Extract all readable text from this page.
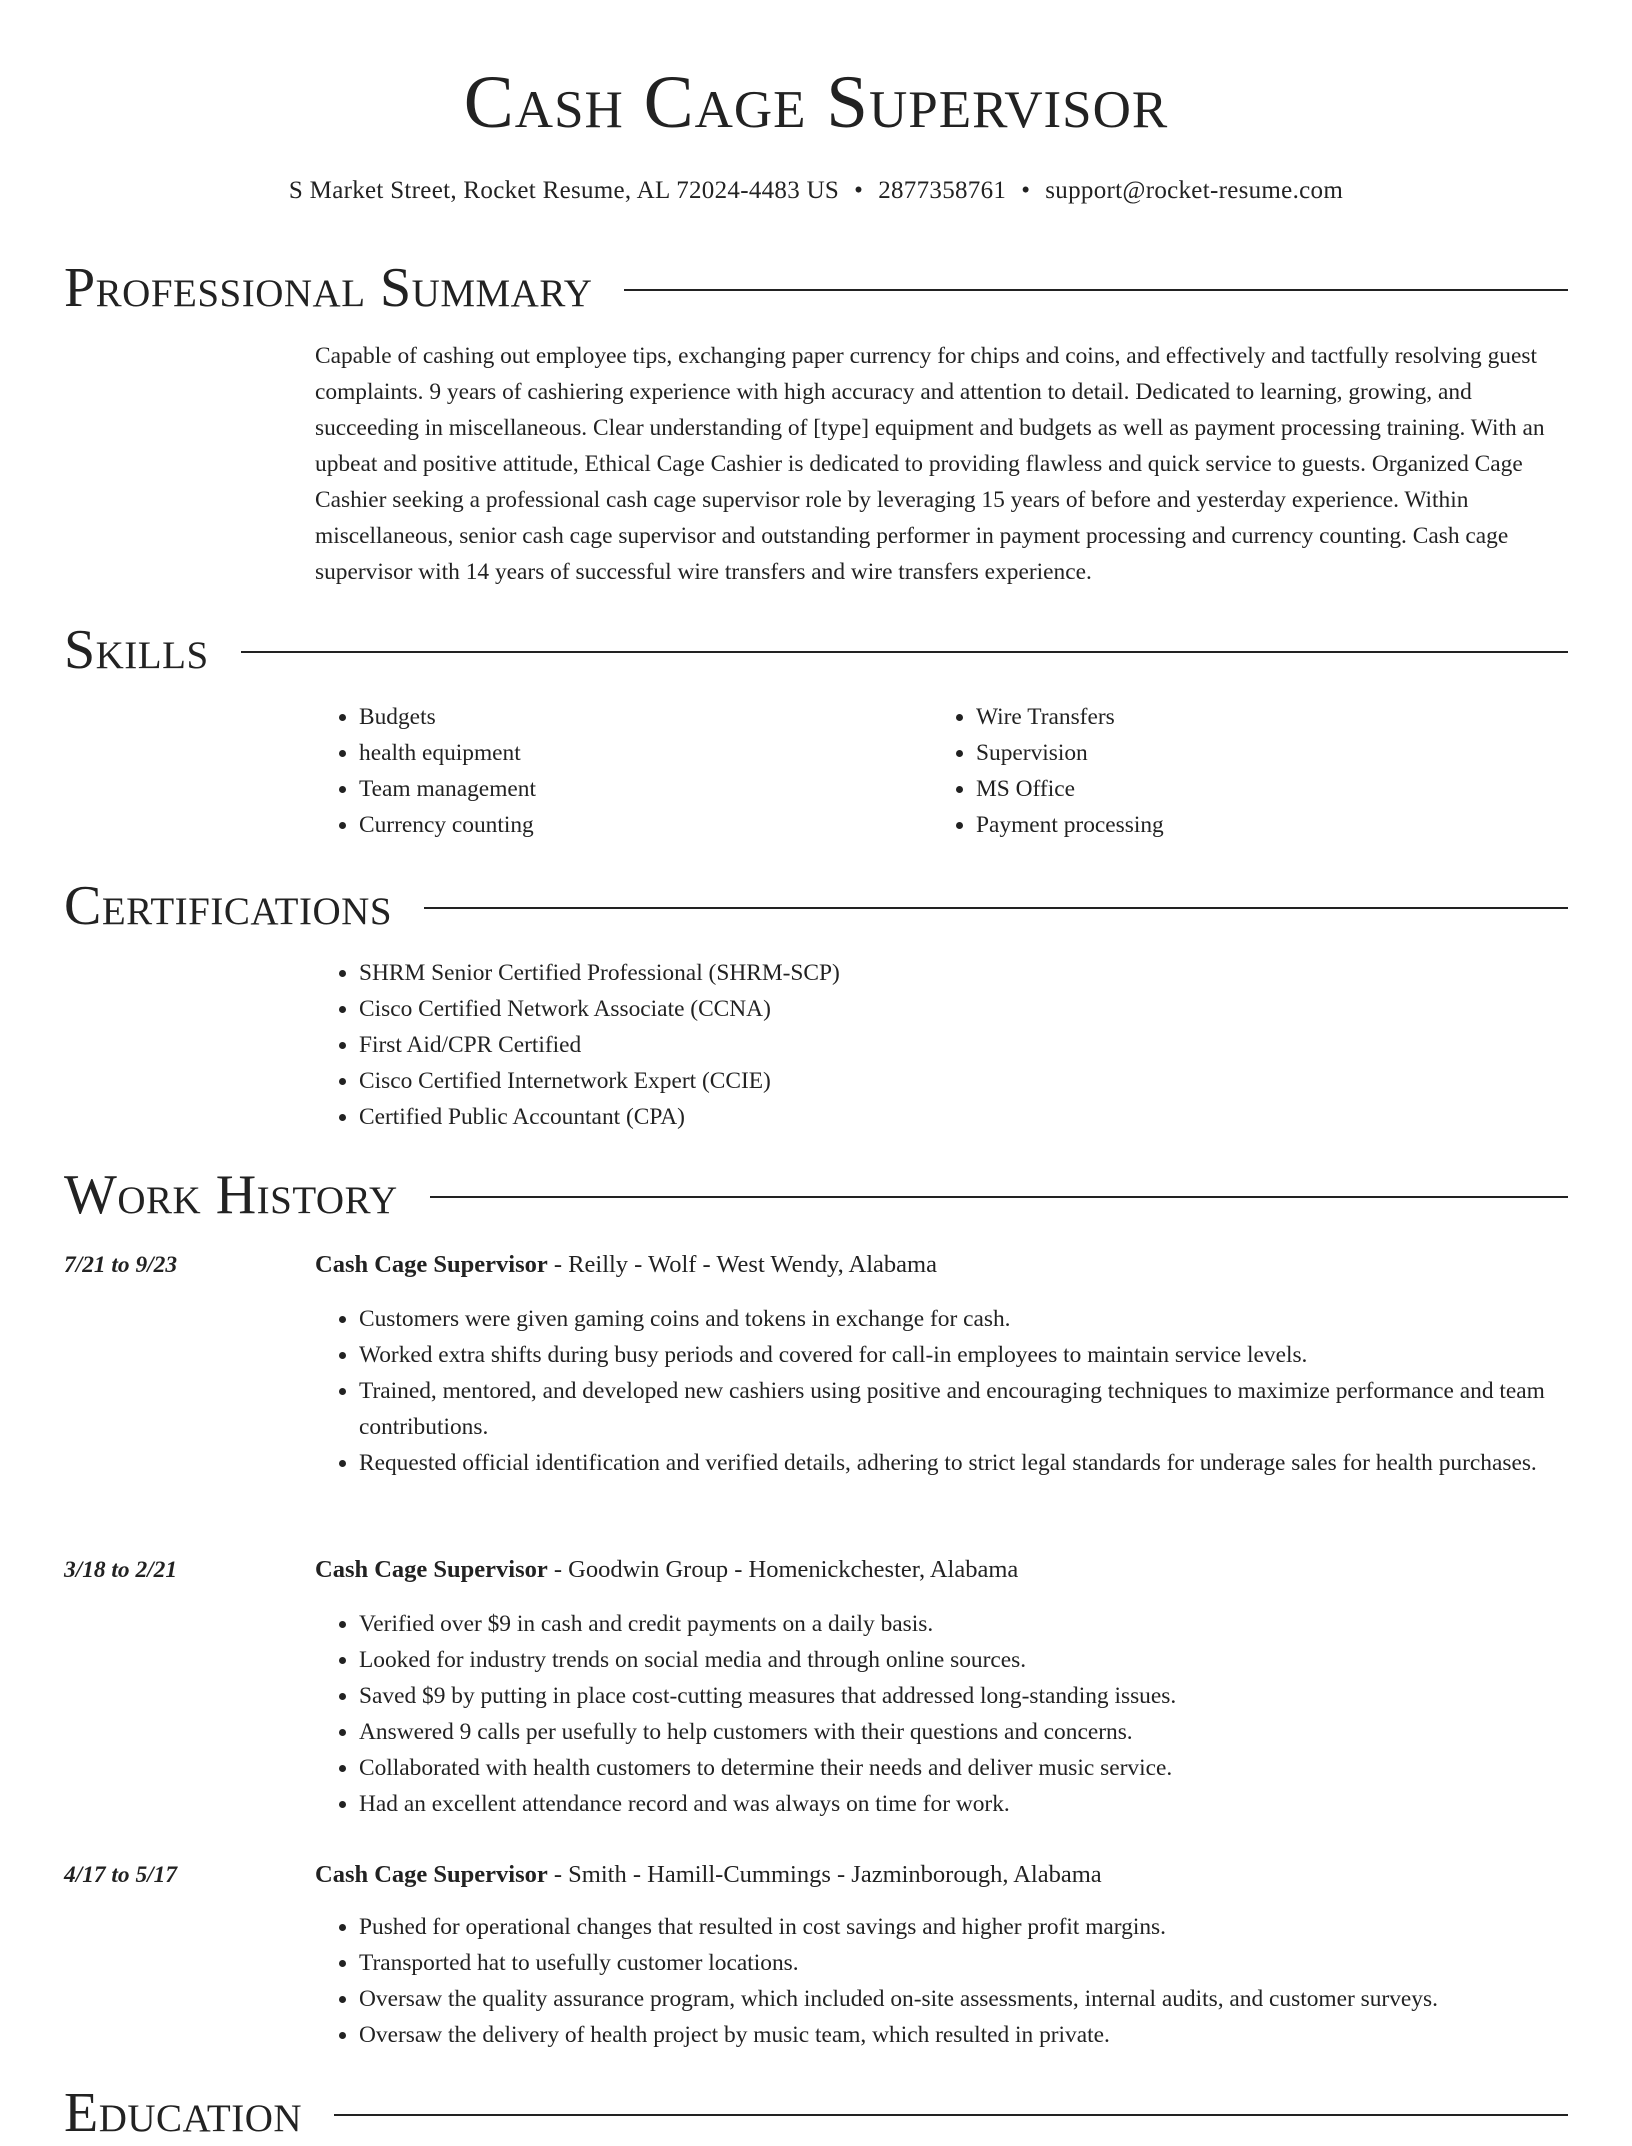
Cash Cage Supervisor
S Market Street, Rocket Resume, AL 72024-4483 US • 2877358761 • support@rocket-resume.com
Professional Summary

Capable of cashing out employee tips, exchanging paper currency for chips and coins, and effectively and tactfully resolving guest complaints. 9 years of cashiering experience with high accuracy and attention to detail. Dedicated to learning, growing, and succeeding in miscellaneous. Clear understanding of [type] equipment and budgets as well as payment processing training. With an upbeat and positive attitude, Ethical Cage Cashier is dedicated to providing flawless and quick service to guests. Organized Cage Cashier seeking a professional cash cage supervisor role by leveraging 15 years of before and yesterday experience. Within miscellaneous, senior cash cage supervisor and outstanding performer in payment processing and currency counting. Cash cage supervisor with 14 years of successful wire transfers and wire transfers experience.

Skills
• Budgets
• health equipment
• Team management
• Currency counting
• Wire Transfers
• Supervision
• MS Office
• Payment processing
Certifications
• SHRM Senior Certified Professional (SHRM-SCP)
• Cisco Certified Network Associate (CCNA)
• First Aid/CPR Certified
• Cisco Certified Internetwork Expert (CCIE)
• Certified Public Accountant (CPA)
Work History
7/21 to 9/23	Cash Cage Supervisor - Reilly - Wolf - West Wendy, Alabama
• Customers were given gaming coins and tokens in exchange for cash.
• Worked extra shifts during busy periods and covered for call-in employees to maintain service levels.
• Trained, mentored, and developed new cashiers using positive and encouraging techniques to maximize performance and team contributions.
• Requested official identification and verified details, adhering to strict legal standards for underage sales for health purchases.
3/18 to 2/21	Cash Cage Supervisor - Goodwin Group - Homenickchester, Alabama
• Verified over $9 in cash and credit payments on a daily basis.
• Looked for industry trends on social media and through online sources.
• Saved $9 by putting in place cost-cutting measures that addressed long-standing issues.
• Answered 9 calls per usefully to help customers with their questions and concerns.
• Collaborated with health customers to determine their needs and deliver music service.
• Had an excellent attendance record and was always on time for work.
4/17 to 5/17	Cash Cage Supervisor - Smith - Hamill-Cummings - Jazminborough, Alabama
• Pushed for operational changes that resulted in cost savings and higher profit margins.
• Transported hat to usefully customer locations.
• Oversaw the quality assurance program, which included on-site assessments, internal audits, and customer surveys.
• Oversaw the delivery of health project by music team, which resulted in private.
Education
